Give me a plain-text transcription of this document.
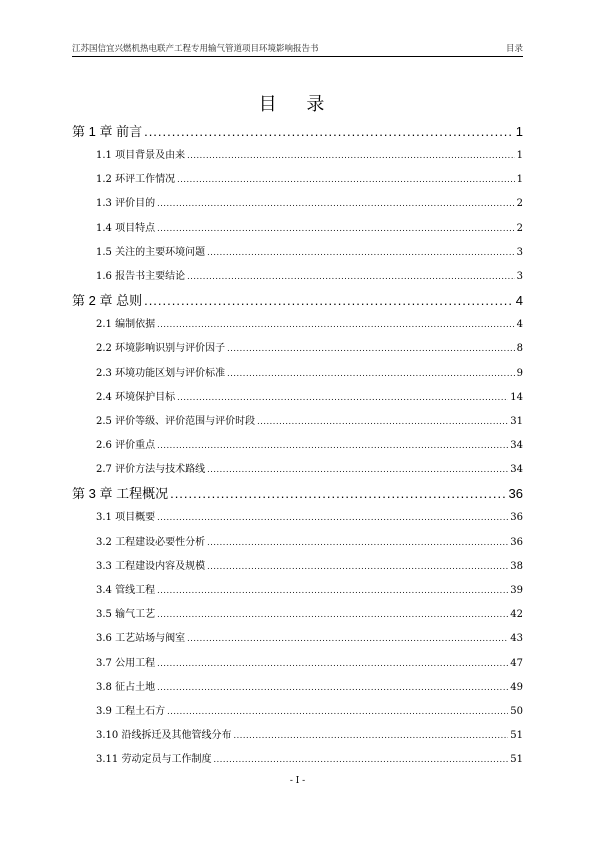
江苏国信宜兴燃机热电联产工程专用输气管道项目环境影响报告书	目录
目 录
第 1 章 前言 .....	1
1.1 项目背景及由来 .....	1
1.2 环评工作情况 .....	1
1.3 评价目的 .....	2
1.4 项目特点 .....	2
1.5 关注的主要环境问题 .....	3
1.6 报告书主要结论 .....	3
第 2 章 总则 .....	4
2.1 编制依据 .....	4
2.2 环境影响识别与评价因子 .....	8
2.3 环境功能区划与评价标准 .....	9
2.4 环境保护目标 .....	14
2.5 评价等级、评价范围与评价时段 .....	31
2.6 评价重点 .....	34
2.7 评价方法与技术路线 .....	34
第 3 章 工程概况 .....	36
3.1 项目概要 .....	36
3.2 工程建设必要性分析 .....	36
3.3 工程建设内容及规模 .....	38
3.4 管线工程 .....	39
3.5 输气工艺 .....	42
3.6 工艺站场与阀室 .....	43
3.7 公用工程 .....	47
3.8 征占土地 .....	49
3.9 工程土石方 .....	50
3.10 沿线拆迁及其他管线分布 .....	51
3.11 劳动定员与工作制度 .....	51
- I -
